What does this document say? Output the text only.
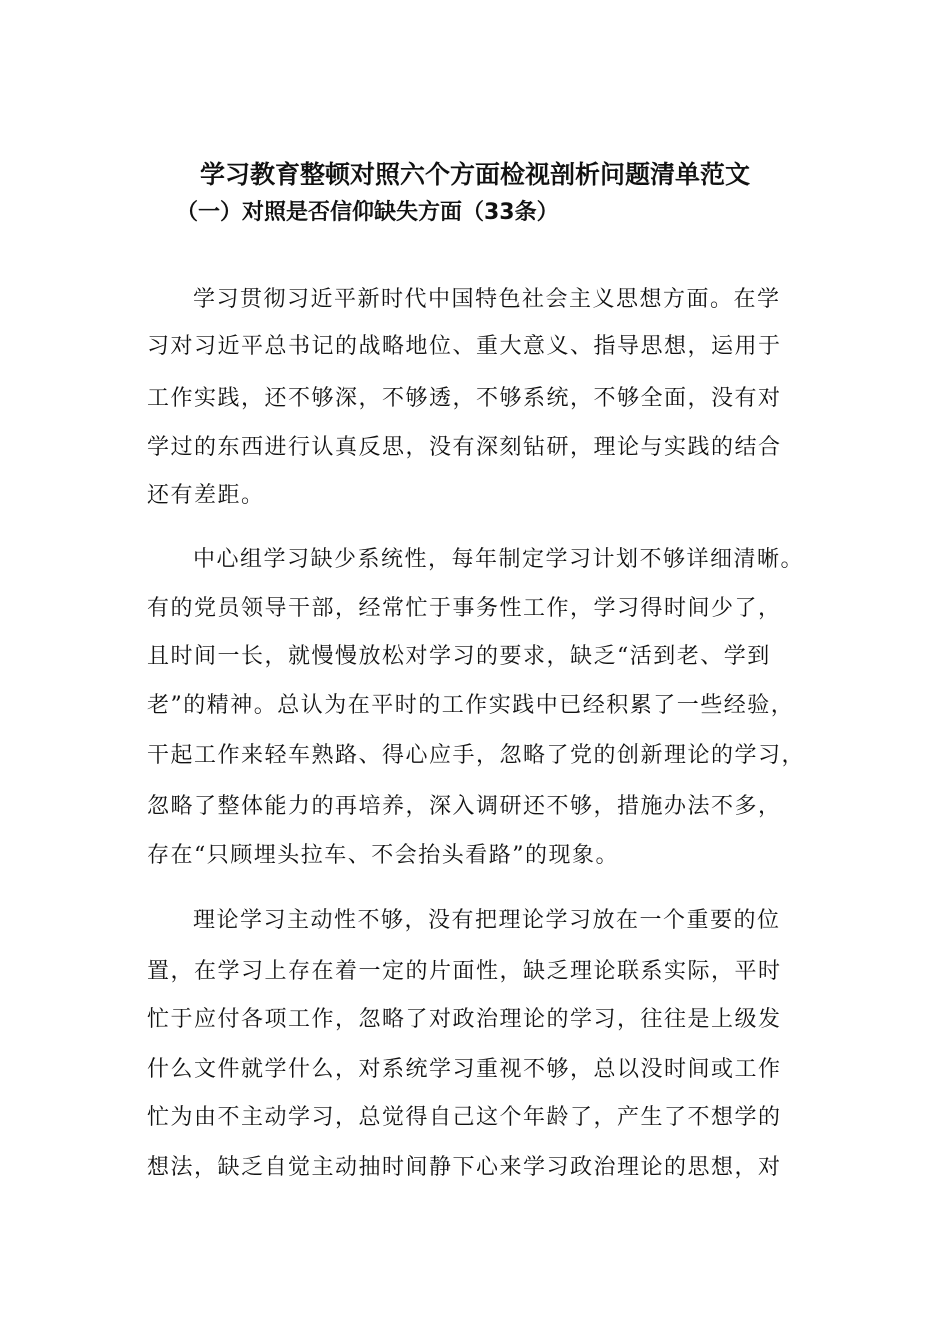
学习教育整顿对照六个方面检视剖析问题清单范文
（一）对照是否信仰缺失方面（33条）
学习贯彻习近平新时代中国特色社会主义思想方面。在学
习对习近平总书记的战略地位、重大意义、指导思想，运用于
工作实践，还不够深，不够透，不够系统，不够全面，没有对
学过的东西进行认真反思，没有深刻钻研，理论与实践的结合
还有差距。
中心组学习缺少系统性，每年制定学习计划不够详细清晰。
有的党员领导干部，经常忙于事务性工作，学习得时间少了，
且时间一长，就慢慢放松对学习的要求，缺乏“活到老、学到
老”的精神。总认为在平时的工作实践中已经积累了一些经验，
干起工作来轻车熟路、得心应手，忽略了党的创新理论的学习，
忽略了整体能力的再培养，深入调研还不够，措施办法不多，
存在“只顾埋头拉车、不会抬头看路”的现象。
理论学习主动性不够，没有把理论学习放在一个重要的位
置，在学习上存在着一定的片面性，缺乏理论联系实际，平时
忙于应付各项工作，忽略了对政治理论的学习，往往是上级发
什么文件就学什么，对系统学习重视不够，总以没时间或工作
忙为由不主动学习，总觉得自己这个年龄了，产生了不想学的
想法，缺乏自觉主动抽时间静下心来学习政治理论的思想，对
